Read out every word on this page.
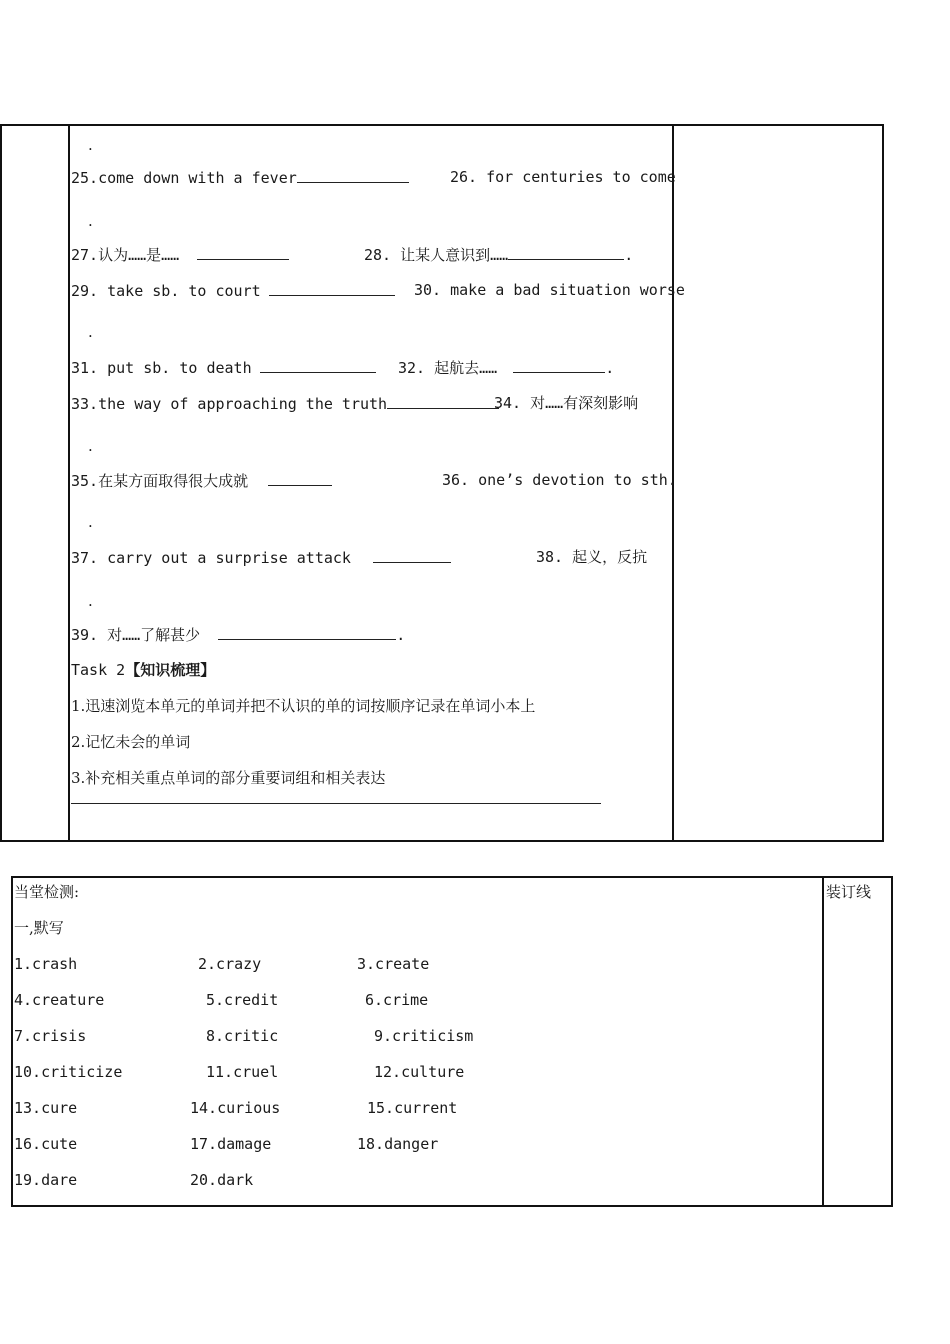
.
25.come down with a fever	26. for centuries to come
.
27.认为……是……	28. 让某人意识到……	.
29. take sb. to court	30. make a bad situation worse
.
31. put sb. to death	32. 起航去……	.
33.the way of approaching the truth	34. 对……有深刻影响
.
35.在某方面取得很大成就	36. one’s devotion to sth.
.
37. carry out a surprise attack	38. 起义，反抗
.
39. 对……了解甚少	.
Task 2【知识梳理】
1.迅速浏览本单元的单词并把不认识的单的词按顺序记录在单词小本上
2.记忆未会的单词
3.补充相关重点单词的部分重要词组和相关表达
当堂检测:	装订线
一,默写
1.crash	2.crazy	3.create
4.creature	5.credit	6.crime
7.crisis	8.critic	9.criticism
10.criticize	11.cruel	12.culture
13.cure	14.curious	15.current
16.cute	17.damage	18.danger
19.dare	20.dark
